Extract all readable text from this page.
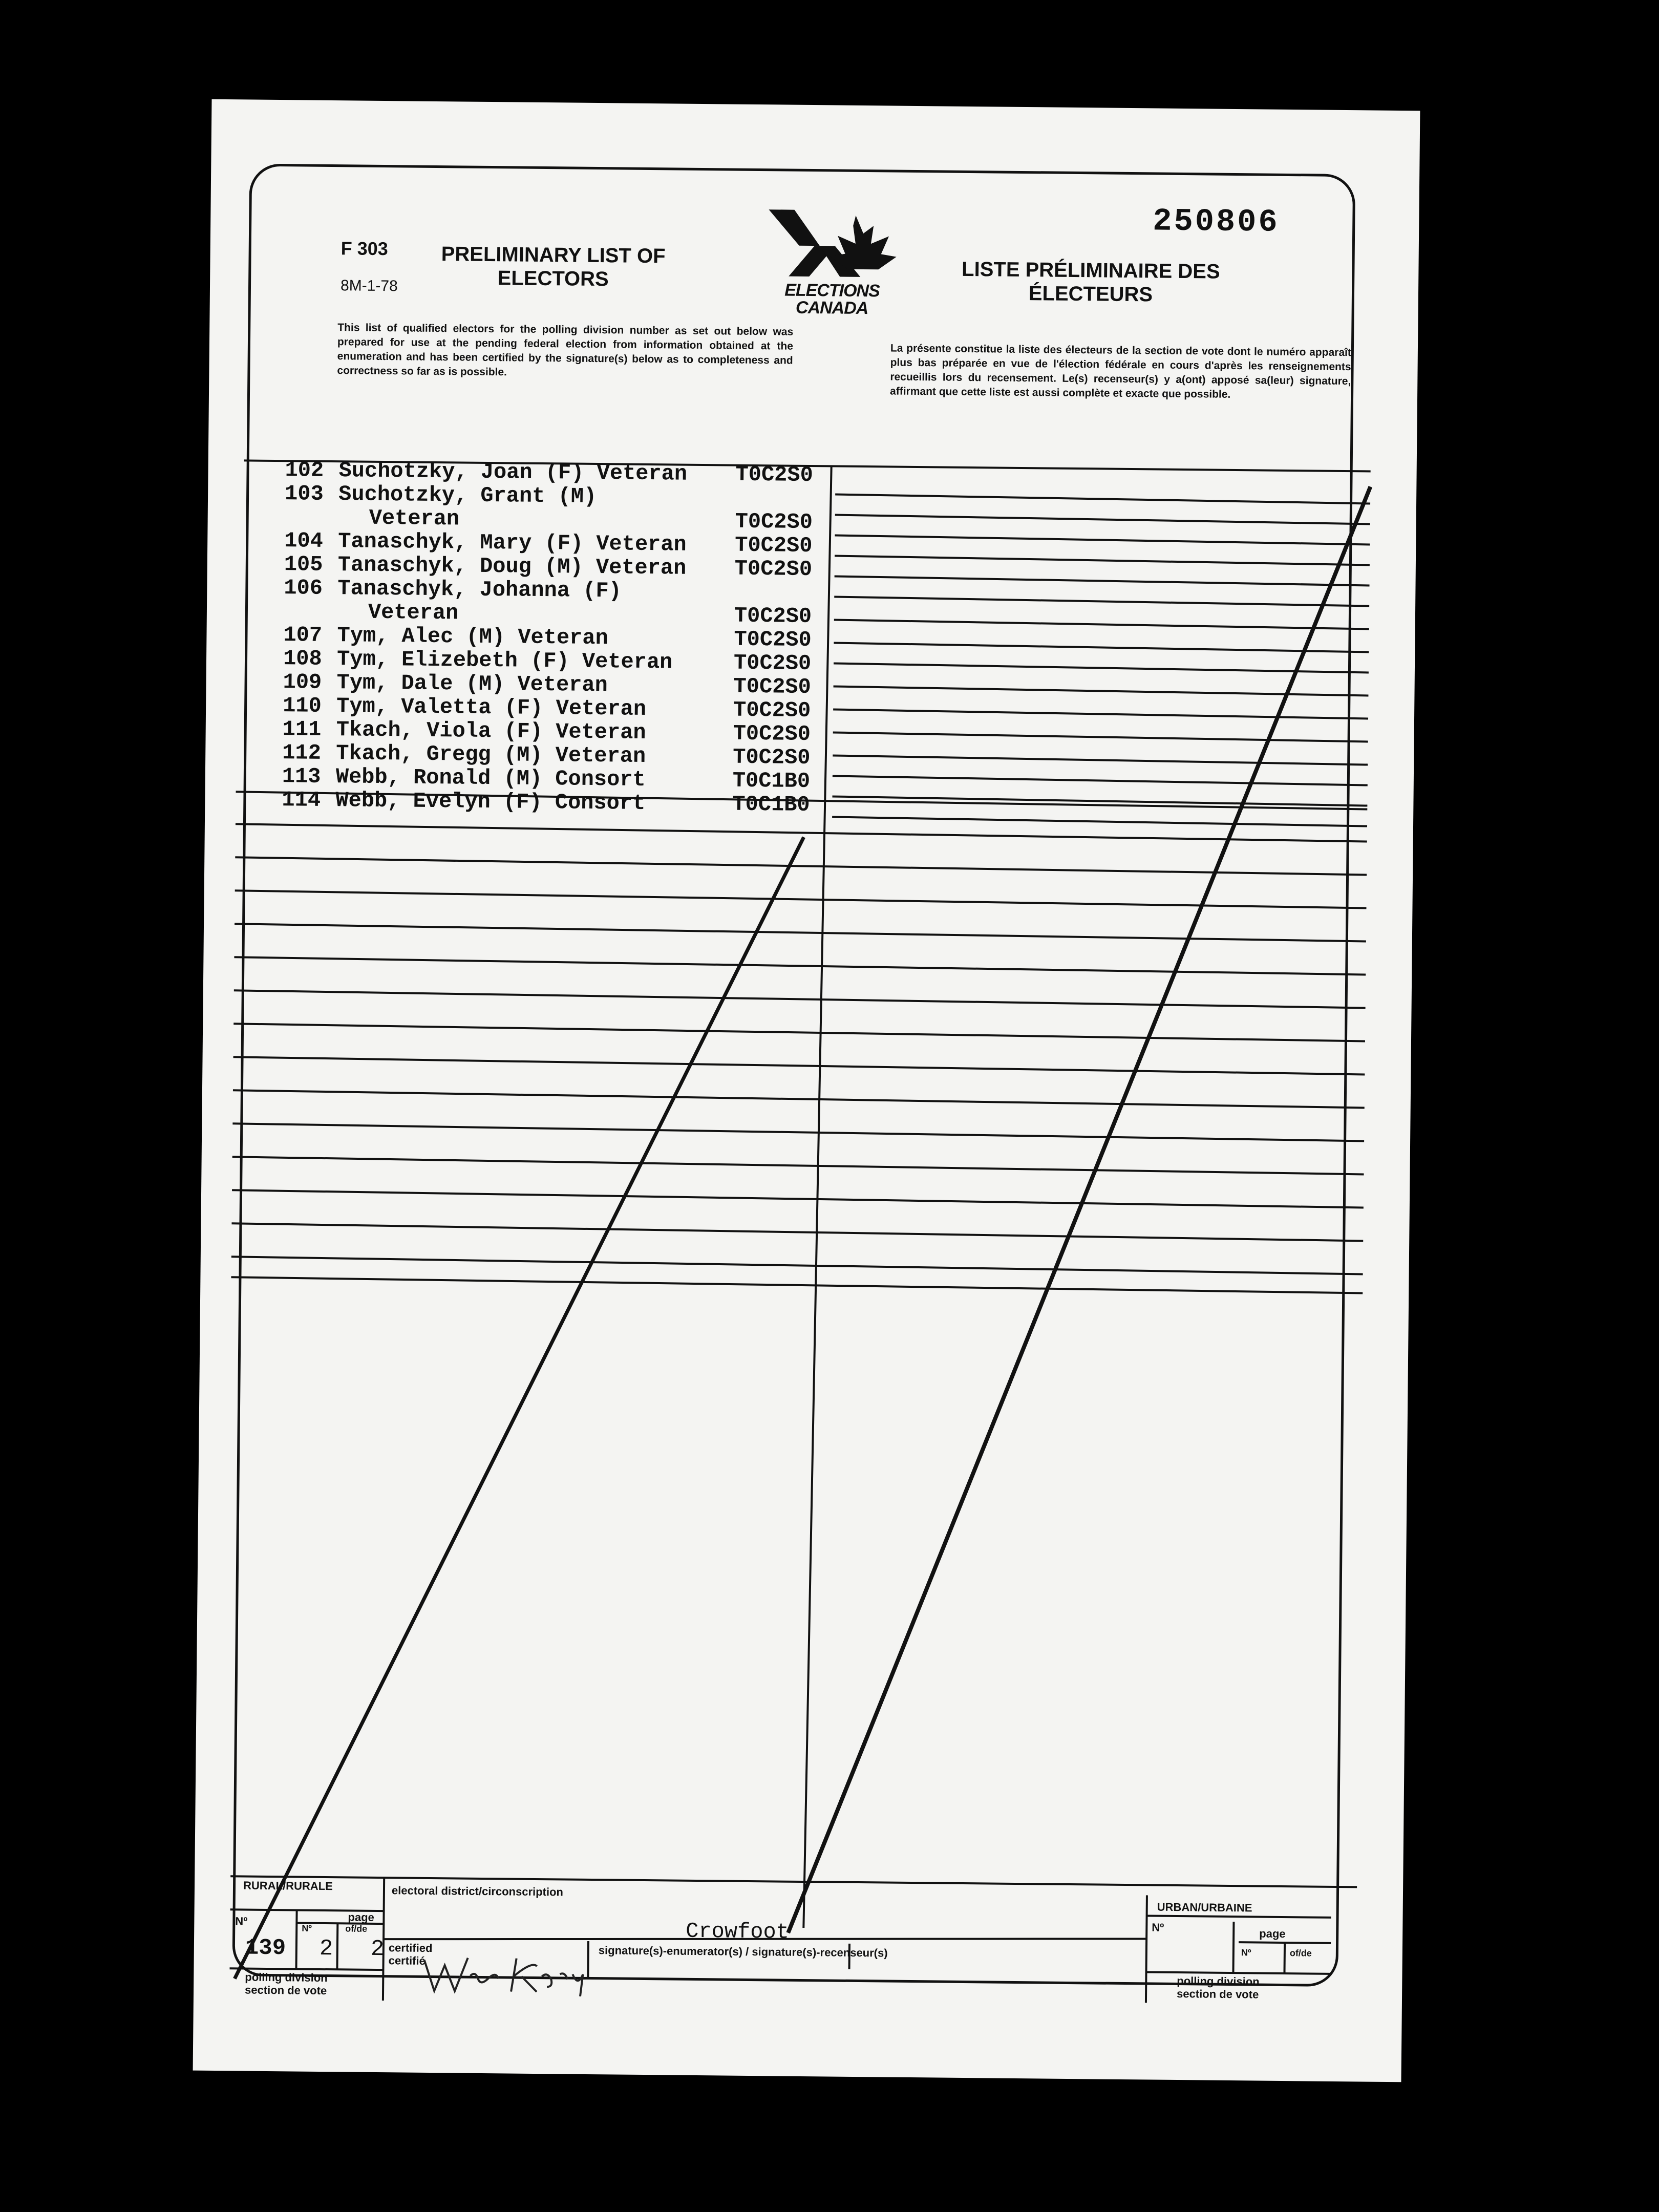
F 303
8M-1-78
PRELIMINARY LIST OF ELECTORS	LISTE PRÉLIMINAIRE DES ÉLECTEURS
250806
ELECTIONS CANADA
This list of qualified electors for the polling division number as set out below was prepared for use at the pending federal election from information obtained at the enumeration and has been certified by the signature(s) below as to completeness and correctness so far as is possible.
La présente constitue la liste des électeurs de la section de vote dont le numéro apparaît plus bas préparée en vue de l'élection fédérale en cours d'après les renseignements recueillis lors du recensement. Le(s) recenseur(s) y a(ont) apposé sa(leur) signature, affirmant que cette liste est aussi complète et exacte que possible.
102 Suchotzky, Joan (F) Veteran T0C2S0
103 Suchotzky, Grant (M)
Veteran	T0C2S0
104 Tanaschyk, Mary (F) Veteran T0C2S0
105 Tanaschyk, Doug (M) Veteran T0C2S0
106 Tanaschyk, Johanna (F)
Veteran	T0C2S0
107 Tym, Alec (M) Veteran	T0C2S0
108 Tym, Elizebeth (F) Veteran	T0C2S0
109 Tym, Dale (M) Veteran	T0C2S0
110 Tym, Valetta (F) Veteran	T0C2S0
111 Tkach, Viola (F) Veteran	T0C2S0
112 Tkach, Gregg (M) Veteran	T0C2S0
113 Webb, Ronald (M) Consort	T0C1B0
114 Webb, Evelyn (F) Consort	T0C1B0
RURAL/RURALE
Nº	page
Nº	of/de
139 2 2
polling division
section de vote
electoral district/circonscription
Crowfoot
certified
certifié
signature(s)-enumerator(s) / signature(s)-recenseur(s)
URBAN/URBAINE
Nº	page
Nº	of/de
polling division
section de vote
